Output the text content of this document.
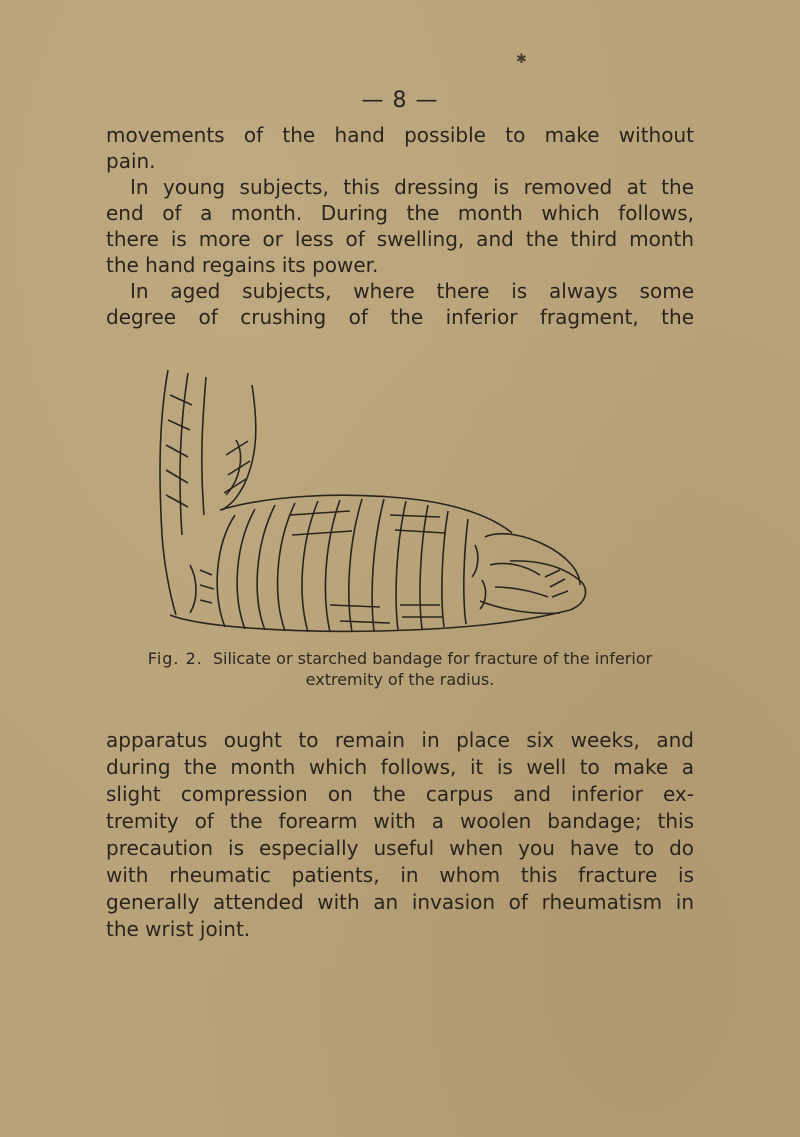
✱
— 8 —

movements of the hand possible to make without

pain.

In young subjects, this dressing is removed at the

end of a month. During the month which follows,

there is more or less of swelling, and the third month

the hand regains its power.

In aged subjects, where there is always some

degree of crushing of the inferior fragment, the

Fig. 2. Silicate or starched bandage for fracture of the inferior
extremity of the radius.

apparatus ought to remain in place six weeks, and

during the month which follows, it is well to make a

slight compression on the carpus and inferior ex-

tremity of the forearm with a woolen bandage; this

precaution is especially useful when you have to do

with rheumatic patients, in whom this fracture is

generally attended with an invasion of rheumatism in

the wrist joint.
